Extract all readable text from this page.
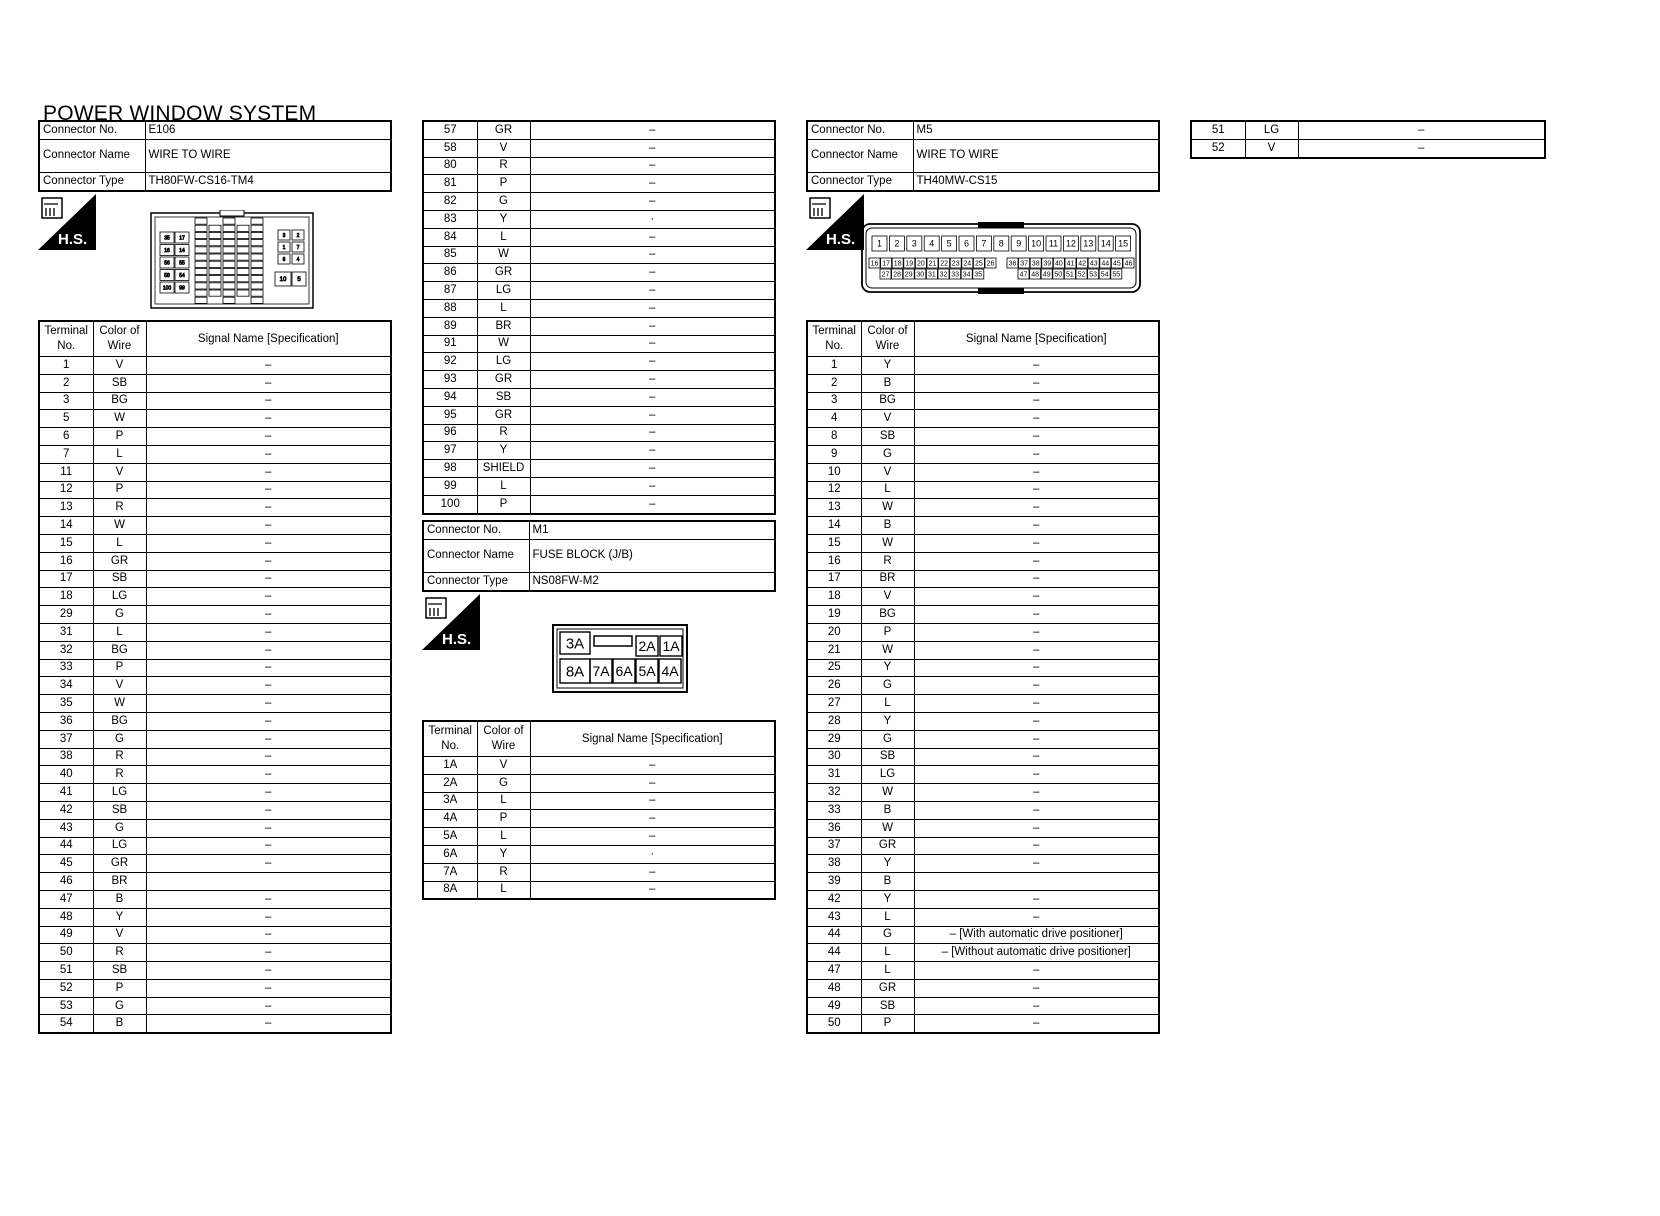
POWER WINDOW SYSTEM
Connector No.	E106
Connector Name	WIRE TO WIRE
Connector Type	TH80FW-CS16-TM4
H.S.	35 17
16 14
56 55
58 54
100 99
3 2
1 7
6 4
10 5
Terminal No.	Color of Wire	Signal Name [Specification]
1	V	–
2	SB	–
3	BG	–
5	W	–
6	P	–
7	L	–
11	V	–
12	P	–
13	R	–
14	W	–
15	L	–
16	GR	–
17	SB	–
18	LG	–
29	G	–
31	L	–
32	BG	–
33	P	–
34	V	–
35	W	–
36	BG	–
37	G	–
38	R	–
40	R	–
41	LG	–
42	SB	–
43	G	–
44	LG	–
45	GR	–
46	BR	
47	B	–
48	Y	–
49	V	–
50	R	–
51	SB	–
52	P	–
53	G	–
54	B	–
57	GR	–
58	V	–
80	R	–
81	P	–
82	G	–
83	Y	·
84	L	–
85	W	–
86	GR	–
87	LG	–
88	L	–
89	BR	–
91	W	–
92	LG	–
93	GR	–
94	SB	–
95	GR	–
96	R	–
97	Y	–
98	SHIELD	–
99	L	–
100	P	–
Connector No.	M1
Connector Name	FUSE BLOCK (J/B)
Connector Type	NS08FW-M2
H.S.	3A	2A 1A
8A 7A 6A 5A 4A
Terminal No.	Color of Wire	Signal Name [Specification]
1A	V	–
2A	G	–
3A	L	–
4A	P	–
5A	L	–
6A	Y	·
7A	R	–
8A	L	–
Connector No.	M5
Connector Name	WIRE TO WIRE
Connector Type	TH40MW-CS15
H.S. 1 2 3 4 5 6 7 8 9 10 11 12 13 14 15
16 17 18 19 20 21 22 23 24 25 26 36 37 38 39 40 41 42 43 44 45 46
27 28 29 30 31 32 33 34 35	47 48 49 50 51 52 53 54 55
Terminal No.	Color of Wire	Signal Name [Specification]
1	Y	–
2	B	–
3	BG	–
4	V	–
8	SB	–
9	G	–
10	V	–
12	L	–
13	W	–
14	B	–
15	W	–
16	R	–
17	BR	–
18	V	–
19	BG	–
20	P	–
21	W	–
25	Y	–
26	G	–
27	L	–
28	Y	–
29	G	–
30	SB	–
31	LG	–
32	W	–
33	B	–
36	W	–
37	GR	–
38	Y	–
39	B	
42	Y	–
43	L	–
44	G	– [With automatic drive positioner]
44	L	– [Without automatic drive positioner]
47	L	–
48	GR	–
49	SB	–
50	P	–
51	LG	–
52	V	–
